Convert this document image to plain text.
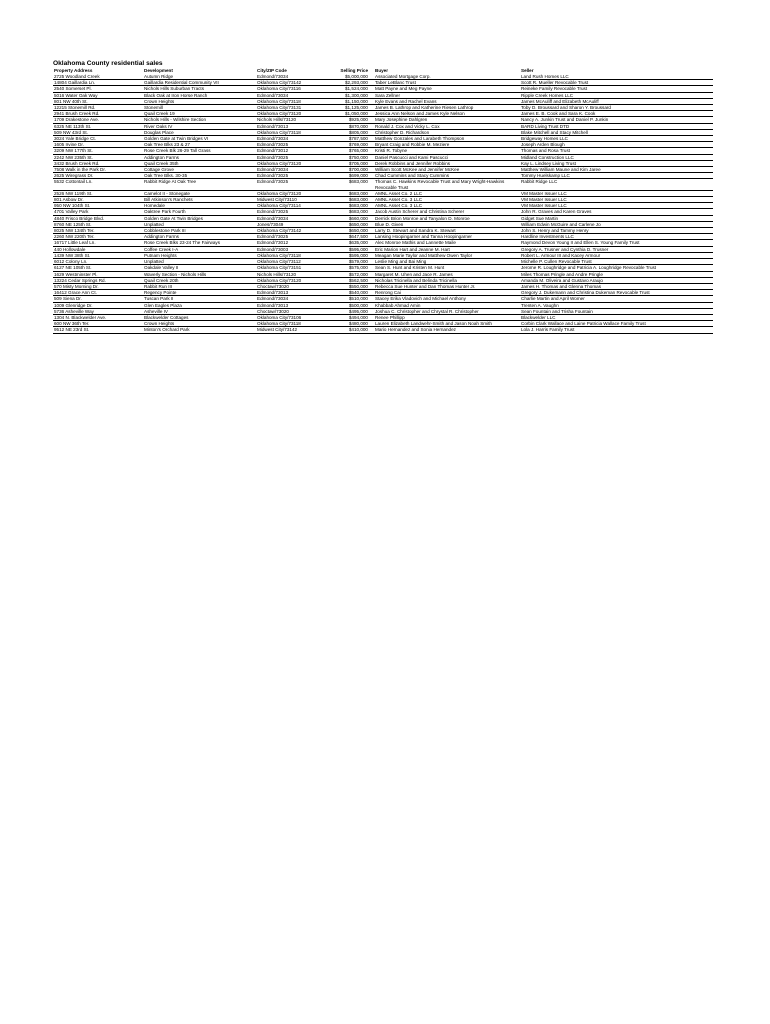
Oklahoma County residential sales
Property Address	Development	City/ZIP Code	Selling Price	Buyer	Seller
2725 Woodland Creek	Autumn Ridge	Edmond/73034	$5,000,000	Associated Mortgage Corp.	Land Rush Homes LLC
14804 Gaillardia Ln.	Gaillardia Residential Community VII	Oklahoma City/73142	$2,293,000	Taber LeBlanc Trust	Scott R. Mueller Revocable Trust
2540 Somerset Pl.	Nichols Hills Suburban Tracts	Oklahoma City/73116	$1,524,000	Matt Payne and Meg Payne	Reineke Family Revocable Trust
5016 Water Oak Way	Black Oak at Iron Horse Ranch	Edmond/73034	$1,300,000	Sara Zellner	Ripple Creek Homes LLC
801 NW 40th St.	Crown Heights	Oklahoma City/73118	$1,150,000	Kyle Evans and Rachel Evans	James McAuliff and Elizabeth McAuliff
12215 Stonemill Rd.	Stonemill	Oklahoma City/73131	$1,125,000	James B. Lathrop and Katherine Riesen Lathrop	Toby D. Broussard and Sharon Y. Broussard
2941 Brush Creek Rd.	Quail Creek 19	Oklahoma City/73120	$1,050,000	Jessica Ann Nelson and James Kyle Nelson	James E. B. Cook and Sara K. Cook
1709 Drakestone Ave.	Nichols Hills - Wilshire Section	Nichols Hills/73120	$925,000	Mary Josephine Dahlgren	Nancy A. Junkin Trust and Daniel P. Junkin
6325 NE 113th St.	River Oaks IV	Edmond/73013	$870,000	Ronald J. Cox and Vicky L. Cox	BARD Living Trust DTD
509 NW 43rd St.	Douglas Place	Oklahoma City/73118	$805,000	Christopher D. Richardson	Blake Mitchell and Stacy Mitchell
3024 Yale Bridge Ct.	Golden Gate at Twin Bridges VI	Edmond/73034	$787,500	Matthew Gonzales and Larabeth Thompson	Bridgeway Homes LLC
1605 Irvine Dr.	Oak Tree Blks 23 & 27	Edmond/73025	$769,000	Bryant Craig and Robbie M. Meziere	Joseph Arden Blough
3209 NW 177th St.	Rose Creek Blk 26-29 Tall Grass	Edmond/73012	$765,000	Kristi R. Tobyne	Thomas and Rosa Trust
2242 NW 235th St.	Addington Farms	Edmond/73025	$750,000	Daniel Pascucci and Kami Pascucci	Midland Construction LLC
3432 Brush Creek Rd.	Quail Creek 35th	Oklahoma City/73120	$705,000	Derek Robbins and Jennifer Robbins	Kay L. Lindsey Living Trust
7508 Walk in the Park Dr.	Cottage Grove	Edmond/73034	$700,000	William Scott McKee and Jennifer McKee	Matthew William Maune and Kim Jaree
2625 Wiregrass Dr.	Oak Tree Blks. 30-35	Edmond/73025	$699,000	Chad Cummins and Stacy Cummins	Tommy Huelskamp LLC
5532 Cottontail Ln.	Rabbit Ridge At Oak Tree	Edmond/73025	$683,000	Thomas C. Hawkins Revocable Trust and Mary Wright-Hawkins Revocable Trust	Rabbit Ridge LLC
2526 NW 119th St.	Camelot II - Stonegate	Oklahoma City/73120	$683,000	AMNL Asset Co. 2 LLC	VM Master Issuer LLC
801 Asbow Dr.	Bill Atkinson's Ranchets	Midwest City/73110	$683,000	AMNL Asset Co. 3 LLC	VM Master Issuer LLC
950 NW 104th St.	Homedale	Oklahoma City/73114	$683,000	AMNL Asset Co. 3 LLC	VM Master Issuer LLC
4701 Valley Park	Oaktree Park Fourth	Edmond/73025	$683,000	Jacob Austin Scherer and Christina Scherer	John R. Graves and Karen Graves
4840 Frisco Bridge Blvd.	Golden Gate At Twin Bridges	Edmond/73034	$660,000	Derrick Brion Monroe and Tanyalon D. Monroe	Gidget Sue Martin
8760 NE 125th St.	Unplatted	Jones/73049	$650,000	Blue D. Given	William Edwin McGuire and Carlene Jo
8025 NW 134th Ter.	Cobblestone Park III	Oklahoma City/73142	$650,000	Larry D. Stewart and Sandra K. Stewart	John S. Henry and Tammy Henry
2260 NW 220th Ter.	Addington Farms	Edmond/73025	$647,500	Lansing Hoopingarner and Tanna Hoopingarner	Hardline Investments LLC
16717 Little Leaf Ln.	Rose Creek Blks 23-24 The Fairways	Edmond/73012	$635,000	Alec Monroe Mathis and Lannette Maile	Raymond Devon Young II and Ellen S. Young Family Trust
440 Hollowdale	Coffee Creek I-A	Edmond/73003	$595,000	Eric Marion Hart and Jeanne M. Hart	Gregory A. Trusner and Cynthia D. Trusner
1439 NW 38th St.	Putnam Heights	Oklahoma City/73118	$595,000	Meagan Marie Taylor and Matthew Owen Taylor	Robert L. Armour III and Kacey Armour
6012 Colony Ln.	Unplatted	Oklahoma City/73112	$579,000	Leslie Ming and Bai Ming	Michelle P. Cullen Revocable Trust
6127 NE 105th St.	Oakdale Valley II	Oklahoma City/73151	$575,000	Sean S. Hunt and Kristen M. Hunt	Jerome R. Loughridge and Patricia A. Loughridge Revocable Trust
1629 Westminster Pl.	Waverly Section - Nichols Hills	Nichols Hills/73120	$572,000	Margaret M. Uhen and Jace R. James	Miles Thomas Pringle and Andre Pringle
13224 Cedar Springs Rd.	Quail Creek 20th	Oklahoma City/73120	$562,500	Nicholas Tricinella and Belinda Tricinella	Amanda M. Oliveira and Gustavo Araujo
570 Misty Morning Dr.	Rabbit Run III	Choctaw/73020	$550,000	Rebecca Sue Hunter and Dan Thomas Hunter Jr.	James H. Thomas and Glenna Thomas
16412 Grace Ann Ct.	Regency Pointe	Edmond/73013	$540,000	Renrong Cai	Gregory J. Dukemann and Christina Dukeman Revocable Trust
509 Siena Dr.	Tuscan Park II	Edmond/73034	$510,000	Stacey Erika Vladovich and Michael Anthony	Charlie Martin and April Womer
1009 Glenridge Dr.	Glen Eagles Plaza	Edmond/73013	$500,000	Khabbab Ahmad Amin	Trenten A. Vaughn
5736 Asheville Way	Asheville IV	Choctaw/73020	$495,000	Joshua C. Christopher and Chrystal R. Christopher	Sean Fountain and Trisha Fountain
1304 N. Blackwelder Ave.	Blackwelder Cottages	Oklahoma City/73106	$494,000	Renee Phillipp	Blackwelder LLC
600 NW 36th Ter.	Crown Heights	Oklahoma City/73118	$480,000	Lauren Elizabeth Landwehr-Smith and Jason Noah Smith	Corbin Clark Wallace and Laine Patricia Wallace Family Trust
9512 NE 23rd St.	Minton's Orchard Park	Midwest City/73142	$410,000	Mario Hernandez and Sonia Hernandez	Lola J. Harris Family Trust
